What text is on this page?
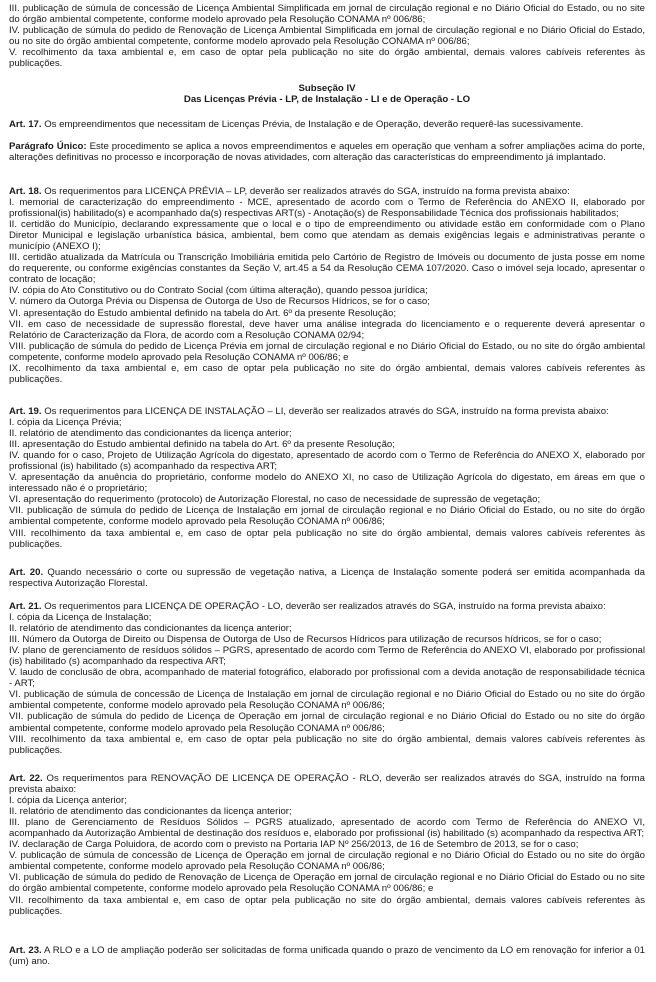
III. publicação de súmula de concessão de Licença Ambiental Simplificada em jornal de circulação regional e no Diário Oficial do Estado, ou no site do órgão ambiental competente, conforme modelo aprovado pela Resolução CONAMA nº 006/86;

IV. publicação de súmula do pedido de Renovação de Licença Ambiental Simplificada em jornal de circulação regional e no Diário Oficial do Estado, ou no site do órgão ambiental competente, conforme modelo aprovado pela Resolução CONAMA nº 006/86;

V. recolhimento da taxa ambiental e, em caso de optar pela publicação no site do órgão ambiental, demais valores cabíveis referentes às publicações.

Subseção IV

Das Licenças Prévia - LP, de Instalação - LI e de Operação - LO

Art. 17. Os empreendimentos que necessitam de Licenças Prévia, de Instalação e de Operação, deverão requerê-las sucessivamente.

Parágrafo Único: Este procedimento se aplica a novos empreendimentos e aqueles em operação que venham a sofrer ampliações acima do porte, alterações definitivas no processo e incorporação de novas atividades, com alteração das características do empreendimento já implantado.

Art. 18. Os requerimentos para LICENÇA PRÉVIA – LP, deverão ser realizados através do SGA, instruído na forma prevista abaixo:

I. memorial de caracterização do empreendimento - MCE, apresentado de acordo com o Termo de Referência do ANEXO II, elaborado por profissional(is) habilitado(s) e acompanhado da(s) respectivas ART(s) - Anotação(s) de Responsabilidade Técnica dos profissionais habilitados;

II. certidão do Município, declarando expressamente que o local e o tipo de empreendimento ou atividade estão em conformidade com o Plano Diretor Municipal e legislação urbanística básica, ambiental, bem como que atendam as demais exigências legais e administrativas perante o município (ANEXO I);

III. certidão atualizada da Matrícula ou Transcrição Imobiliária emitida pelo Cartório de Registro de Imóveis ou documento de justa posse em nome do requerente, ou conforme exigências constantes da Seção V, art.45 a 54 da Resolução CEMA 107/2020. Caso o imóvel seja locado, apresentar o contrato de locação;

IV. cópia do Ato Constitutivo ou do Contrato Social (com última alteração), quando pessoa jurídica;

V. número da Outorga Prévia ou Dispensa de Outorga de Uso de Recursos Hídricos, se for o caso;

VI. apresentação do Estudo ambiental definido na tabela do Art. 6º da presente Resolução;

VII. em caso de necessidade de supressão florestal, deve haver uma análise integrada do licenciamento e o requerente deverá apresentar o Relatório de Caracterização da Flora, de acordo com a Resolução CONAMA 02/94;

VIII. publicação de súmula do pedido de Licença Prévia em jornal de circulação regional e no Diário Oficial do Estado, ou no site do órgão ambiental competente, conforme modelo aprovado pela Resolução CONAMA nº 006/86; e

IX. recolhimento da taxa ambiental e, em caso de optar pela publicação no site do órgão ambiental, demais valores cabíveis referentes às publicações.

Art. 19. Os requerimentos para LICENÇA DE INSTALAÇÃO – LI, deverão ser realizados através do SGA, instruído na forma prevista abaixo:

I. cópia da Licença Prévia;

II. relatório de atendimento das condicionantes da licença anterior;

III. apresentação do Estudo ambiental definido na tabela do Art. 6º da presente Resolução;

IV. quando for o caso, Projeto de Utilização Agrícola do digestato, apresentado de acordo com o Termo de Referência do ANEXO X, elaborado por profissional (is) habilitado (s) acompanhado da respectiva ART;

V. apresentação da anuência do proprietário, conforme modelo do ANEXO XI, no caso de Utilização Agrícola do digestato, em áreas em que o interessado não é o proprietário;

VI. apresentação do requerimento (protocolo) de Autorização Florestal, no caso de necessidade de supressão de vegetação;

VII. publicação de súmula do pedido de Licença de Instalação em jornal de circulação regional e no Diário Oficial do Estado, ou no site do órgão ambiental competente, conforme modelo aprovado pela Resolução CONAMA nº 006/86;

VIII. recolhimento da taxa ambiental e, em caso de optar pela publicação no site do órgão ambiental, demais valores cabíveis referentes às publicações.

Art. 20. Quando necessário o corte ou supressão de vegetação nativa, a Licença de Instalação somente poderá ser emitida acompanhada da respectiva Autorização Florestal.

Art. 21. Os requerimentos para LICENÇA DE OPERAÇÃO - LO, deverão ser realizados através do SGA, instruído na forma prevista abaixo:

I. cópia da Licença de Instalação;

II. relatório de atendimento das condicionantes da licença anterior;

III. Número da Outorga de Direito ou Dispensa de Outorga de Uso de Recursos Hídricos para utilização de recursos hídricos, se for o caso;

IV. plano de gerenciamento de resíduos sólidos – PGRS, apresentado de acordo com Termo de Referência do ANEXO VI, elaborado por profissional (is) habilitado (s) acompanhado da respectiva ART;

V. laudo de conclusão de obra, acompanhado de material fotográfico, elaborado por profissional com a devida anotação de responsabilidade técnica - ART;

VI. publicação de súmula de concessão de Licença de Instalação em jornal de circulação regional e no Diário Oficial do Estado ou no site do órgão ambiental competente, conforme modelo aprovado pela Resolução CONAMA nº 006/86;

VII. publicação de súmula do pedido de Licença de Operação em jornal de circulação regional e no Diário Oficial do Estado ou no site do órgão ambiental competente, conforme modelo aprovado pela Resolução CONAMA nº 006/86;

VIII. recolhimento da taxa ambiental e, em caso de optar pela publicação no site do órgão ambiental, demais valores cabíveis referentes às publicações.

Art. 22. Os requerimentos para RENOVAÇÃO DE LICENÇA DE OPERAÇÃO - RLO, deverão ser realizados através do SGA, instruído na forma prevista abaixo:

I. cópia da Licença anterior;

II. relatório de atendimento das condicionantes da licença anterior;

III. plano de Gerenciamento de Resíduos Sólidos – PGRS atualizado, apresentado de acordo com Termo de Referência do ANEXO VI, acompanhado da Autorização Ambiental de destinação dos resíduos e, elaborado por profissional (is) habilitado (s) acompanhado da respectiva ART;

IV. declaração de Carga Poluidora, de acordo com o previsto na Portaria IAP Nº 256/2013, de 16 de Setembro de 2013, se for o caso;

V. publicação de súmula de concessão de Licença de Operação em jornal de circulação regional e no Diário Oficial do Estado ou no site do órgão ambiental competente, conforme modelo aprovado pela Resolução CONAMA nº 006/86;

VI. publicação de súmula do pedido de Renovação de Licença de Operação em jornal de circulação regional e no Diário Oficial do Estado ou no site do órgão ambiental competente, conforme modelo aprovado pela Resolução CONAMA nº 006/86; e

VII. recolhimento da taxa ambiental e, em caso de optar pela publicação no site do órgão ambiental, demais valores cabíveis referentes às publicações.

Art. 23. A RLO e a LO de ampliação poderão ser solicitadas de forma unificada quando o prazo de vencimento da LO em renovação for inferior a 01 (um) ano.
